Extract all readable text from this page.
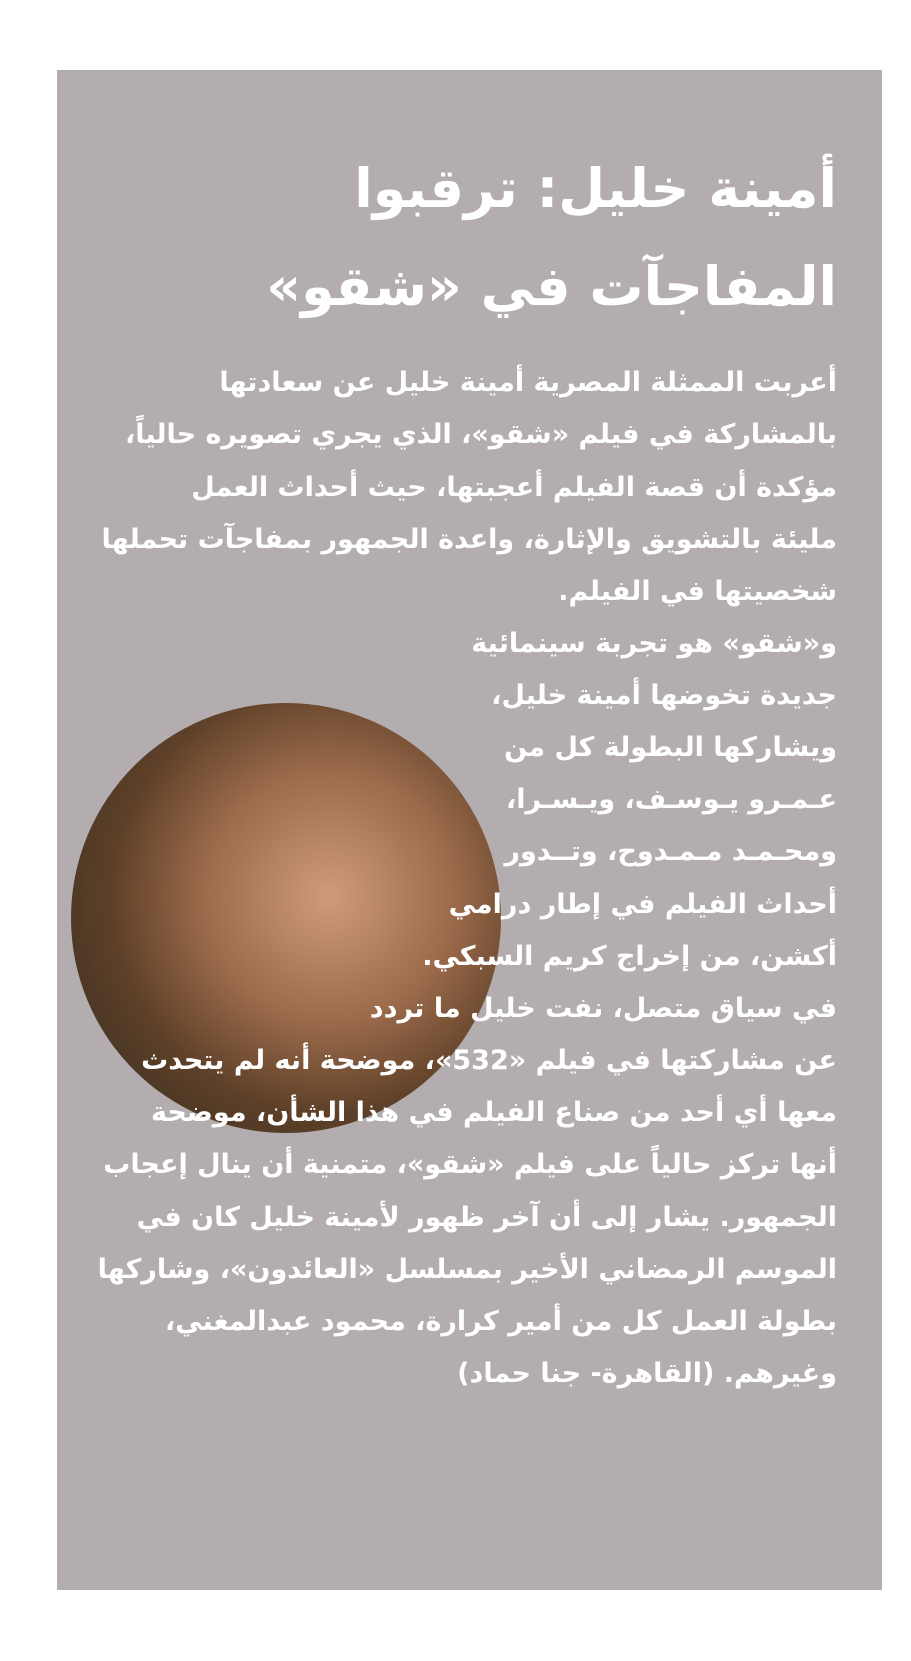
أمينة خليل: ترقبوا
المفاجآت في «شقو»
أعربت الممثلة المصرية أمينة خليل عن سعادتها
بالمشاركة في فيلم «شقو»، الذي يجري تصويره حالياً،
مؤكدة أن قصة الفيلم أعجبتها، حيث أحداث العمل
مليئة بالتشويق والإثارة، واعدة الجمهور بمفاجآت تحملها
شخصيتها في الفيلم.
و«شقو» هو تجربة سينمائية
جديدة تخوضها أمينة خليل،
ويشاركها البطولة كل من
عـمـرو يـوسـف، ويـسـرا،
ومحـمـد مـمـدوح، وتــدور
أحداث الفيلم في إطار درامي
أكشن، من إخراج كريم السبكي.
في سياق متصل، نفت خليل ما تردد
عن مشاركتها في فيلم «532»، موضحة أنه لم يتحدث
معها أي أحد من صناع الفيلم في هذا الشأن، موضحة
أنها تركز حالياً على فيلم «شقو»، متمنية أن ينال إعجاب
الجمهور. يشار إلى أن آخر ظهور لأمينة خليل كان في
الموسم الرمضاني الأخير بمسلسل «العائدون»، وشاركها
بطولة العمل كل من أمير كرارة، محمود عبدالمغني،
وغيرهم. (القاهرة- جنا حماد)
